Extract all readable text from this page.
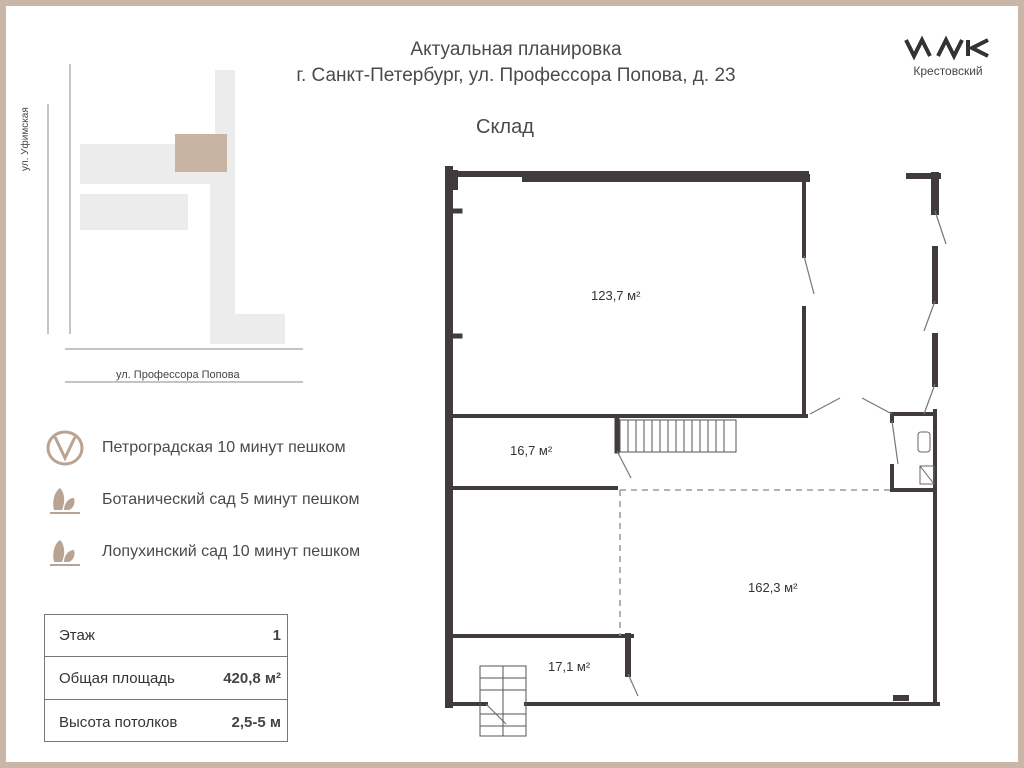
Актуальная планировка
г. Санкт-Петербург, ул. Профессора Попова, д. 23
Склад
Крестовский
ул. Уфимская
ул. Профессора Попова
Петроградская 10 минут пешком
Ботанический сад 5 минут пешком
Лопухинский сад 10 минут пешком
Этаж	1
Общая площадь	420,8 м²
Высота потолков	2,5-5 м
123,7 м²
16,7 м²
162,3 м²
17,1 м²
